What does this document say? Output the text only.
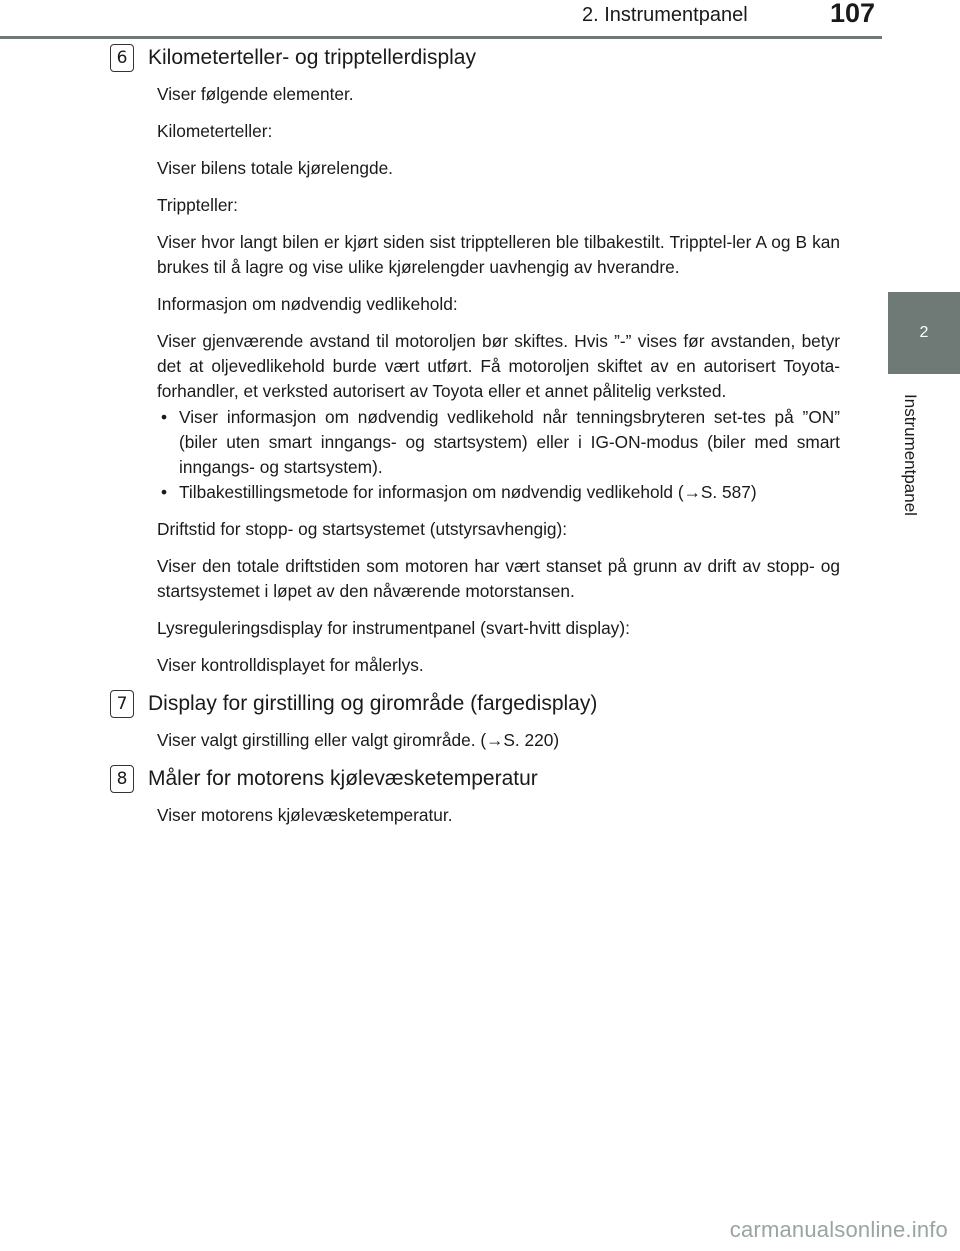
2. Instrumentpanel	107
2
Instrumentpanel
6 Kilometerteller- og tripptellerdisplay

Viser følgende elementer.

Kilometerteller:

Viser bilens totale kjørelengde.

Trippteller:

Viser hvor langt bilen er kjørt siden sist tripptelleren ble tilbakestilt. Tripptel-ler A og B kan brukes til å lagre og vise ulike kjørelengder uavhengig av hverandre.

Informasjon om nødvendig vedlikehold:

Viser gjenværende avstand til motoroljen bør skiftes. Hvis ”-” vises før avstanden, betyr det at oljevedlikehold burde vært utført. Få motoroljen skiftet av en autorisert Toyota-forhandler, et verksted autorisert av Toyota eller et annet pålitelig verksted.

• Viser informasjon om nødvendig vedlikehold når tenningsbryteren set-tes på ”ON” (biler uten smart inngangs- og startsystem) eller i IG-ON-modus (biler med smart inngangs- og startsystem).
• Tilbakestillingsmetode for informasjon om nødvendig vedlikehold (→S. 587)

Driftstid for stopp- og startsystemet (utstyrsavhengig):

Viser den totale driftstiden som motoren har vært stanset på grunn av drift av stopp- og startsystemet i løpet av den nåværende motorstansen.

Lysreguleringsdisplay for instrumentpanel (svart-hvitt display):

Viser kontrolldisplayet for målerlys.

7 Display for girstilling og girområde (fargedisplay)

Viser valgt girstilling eller valgt girområde. (→S. 220)

8 Måler for motorens kjølevæsketemperatur

Viser motorens kjølevæsketemperatur.

carmanualsonline.info
